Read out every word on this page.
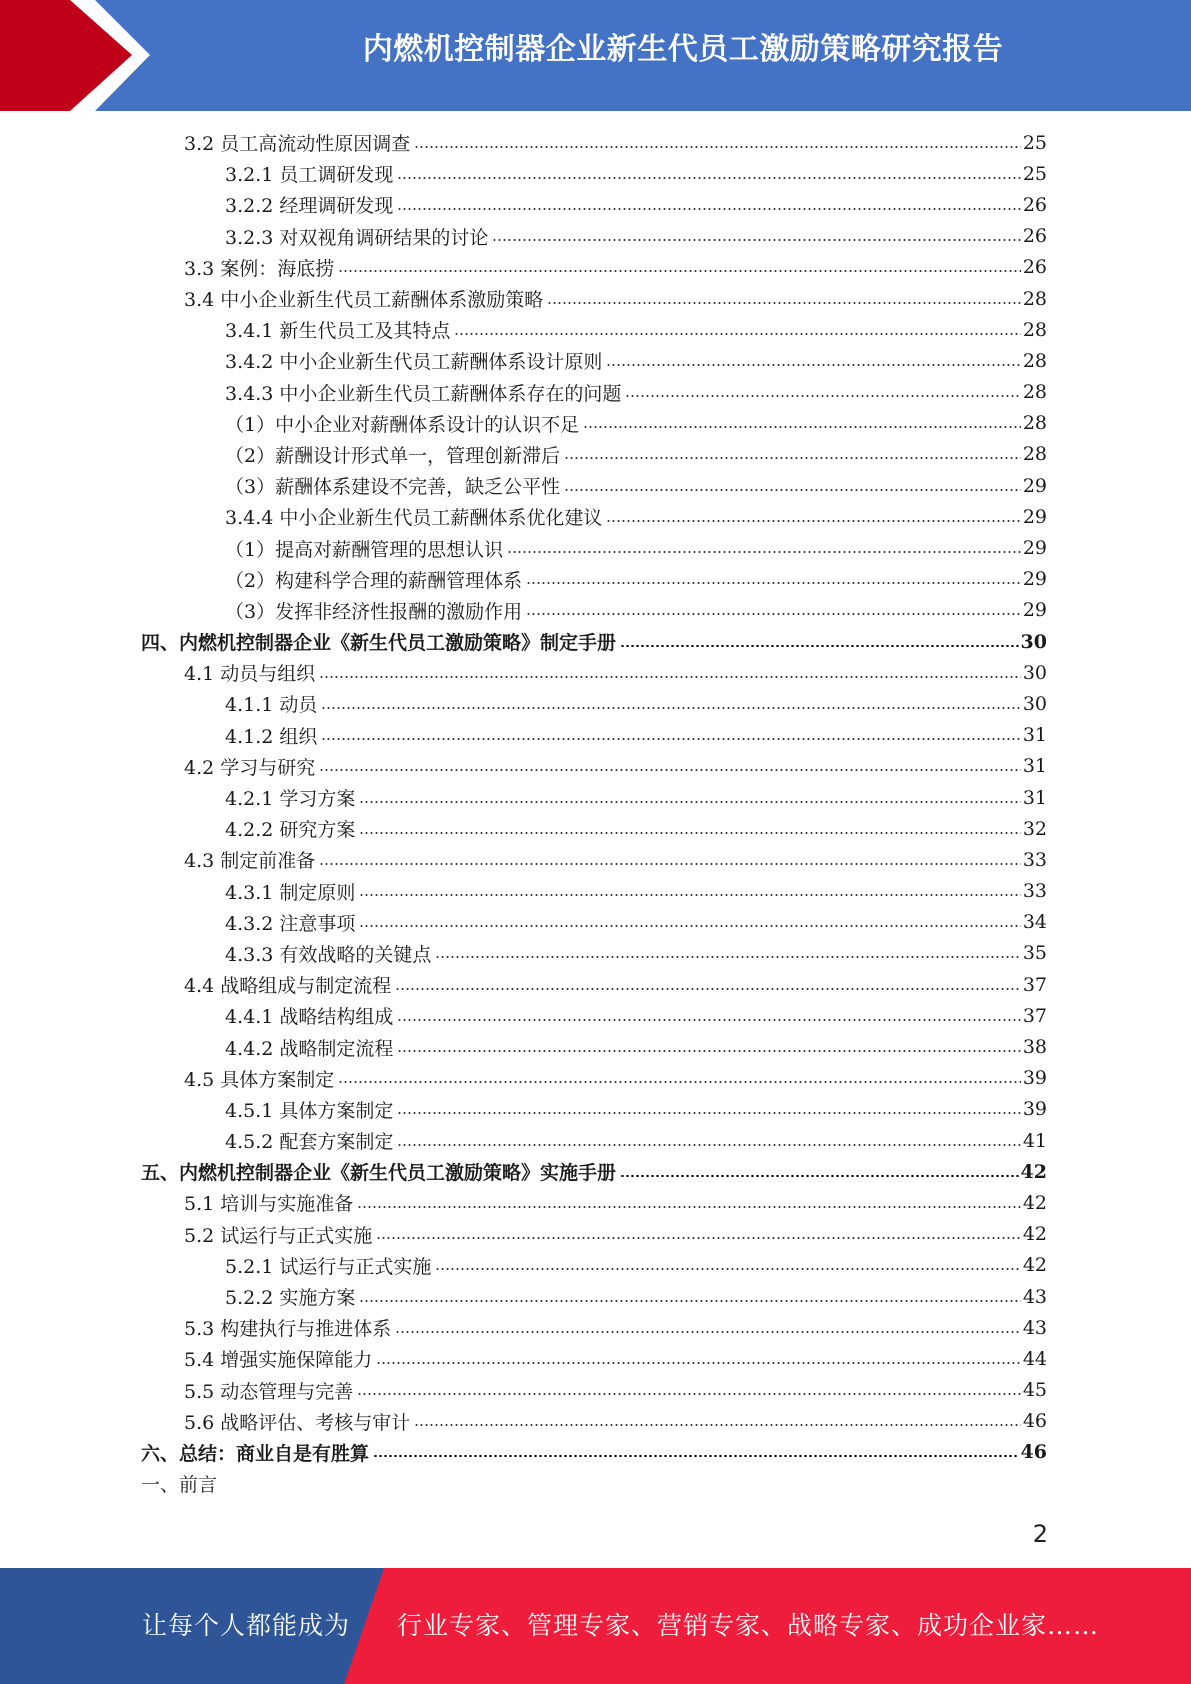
内燃机控制器企业新生代员工激励策略研究报告
3.2 员工高流动性原因调查	25
3.2.1 员工调研发现	25
3.2.2 经理调研发现	26
3.2.3 对双视角调研结果的讨论	26
3.3 案例：海底捞	26
3.4 中小企业新生代员工薪酬体系激励策略	28
3.4.1 新生代员工及其特点	28
3.4.2 中小企业新生代员工薪酬体系设计原则	28
3.4.3 中小企业新生代员工薪酬体系存在的问题	28
（1）中小企业对薪酬体系设计的认识不足	28
（2）薪酬设计形式单一，管理创新滞后	28
（3）薪酬体系建设不完善，缺乏公平性	29
3.4.4 中小企业新生代员工薪酬体系优化建议	29
（1）提高对薪酬管理的思想认识	29
（2）构建科学合理的薪酬管理体系	29
（3）发挥非经济性报酬的激励作用	29
四、内燃机控制器企业《新生代员工激励策略》制定手册	30
4.1 动员与组织	30
4.1.1 动员	30
4.1.2 组织	31
4.2 学习与研究	31
4.2.1 学习方案	31
4.2.2 研究方案	32
4.3 制定前准备	33
4.3.1 制定原则	33
4.3.2 注意事项	34
4.3.3 有效战略的关键点	35
4.4 战略组成与制定流程	37
4.4.1 战略结构组成	37
4.4.2 战略制定流程	38
4.5 具体方案制定	39
4.5.1 具体方案制定	39
4.5.2 配套方案制定	41
五、内燃机控制器企业《新生代员工激励策略》实施手册	42
5.1 培训与实施准备	42
5.2 试运行与正式实施	42
5.2.1 试运行与正式实施	42
5.2.2 实施方案	43
5.3 构建执行与推进体系	43
5.4 增强实施保障能力	44
5.5 动态管理与完善	45
5.6 战略评估、考核与审计	46
六、总结：商业自是有胜算	46
一、前言
2
让每个人都能成为 行业专家、管理专家、营销专家、战略专家、成功企业家……
